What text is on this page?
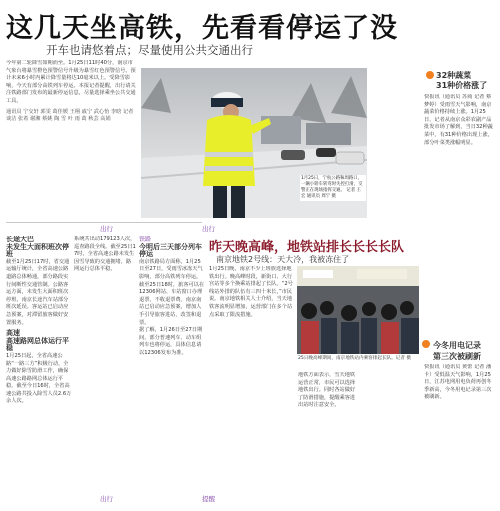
这几天坐高铁，先看看停运了没
开车也请悠着点；尽量使用公共交通出行
今年第二轮降雪如期而至。1月25日11时40分，南京市气象台将暴雪橙色预警信号升级为暴雪红色预警信号。预计未来6小时内累计降雪量将达10毫米以上。受降雪影响，今天有部分高铁列车停运。本报记者提醒，出行请关注铁路部门发布的最新停运信息，尽量选择乘坐公共交通工具。
通讯员 宁交轩 郭雯 葛佳媛 王栩 戚宁 武心怡 李晗 记者 谈洁 张希 谢湘 蔡姚 陶 雪 叶 雨 葛 秋芸 高娟
1月25日，宁杭公路秣周路口，一辆小轿车转弯时失控打滑，交警正在现场指挥交通。 记者 王宏 通讯员 周宁 摄
出行
长途大巴
未发生大面积班次停班
截至1月25日17时，省交通运输厅统计，全省高速公路道路总体畅通，部分路段实行间断性交通管制。公路客运方面，未发生大面积班次停班，南京长途汽车站部分班次延误。客运站已启动应急预案，对滞留旅客做好安置服务。
高速
高速路网总体运行平稳
1月25日起，全省高速公路“一路三方”积极行动，全力做好除雪防滑工作，确保高速公路路网总体运行平稳。截至今日16时，全省高速公路共投入除雪人员2.6万余人次。
系统共出动179123人次，巡查路段全线。截至25日17时，全省高速公路未发生因雪导致的交通拥堵，路网运行总体平稳。
铁路
今明后三天部分列车停运
南京铁路局方面称，1月25日至27日，受雨雪冰冻天气影响，部分高铁列车停运。截至25日18时，旅客可以在12306网站、车站窗口办理退票，不收退票费。南京南站已启动应急预案，增加人手引导旅客进站、改签和退票。
据了解，1月26日至27日期间，部分普速列车、动车组列车也将停运，具体信息请以12306发布为准。
出行
昨天晚高峰，地铁站排长长长长队
南京地铁2号线：天大冷，我被冻住了
1月25日晚，南京不少上班族选择地铁出行。晚高峰时段，新街口、大行宫站等多个换乘站排起了长队。“2号线站外排的队伍有三四十米长，”市民说。南京地铁相关人士介绍，当天地铁客流明显增加，运营部门在多个站点采取了限流措施。
25日晚高峰期间，南京地铁站内乘客排起长队。记者 摄
地铁方面表示，雪天地铁运营正常，市民可以选择地铁出行。同时各站做好了防滑措施，提醒乘客进出站时注意安全。
32种蔬菜
31种价格涨了
快报讯（通讯员 苏商 记者 蔡梦婷）受雨雪天气影响，南京蔬菜价格持续上涨。1月25日，记者从南京众彩农副产品批发市场了解到，当日32种蔬菜中，有31种价格出现上涨，部分叶菜类涨幅明显。
今冬用电记录
第三次被刷新
快报讯（通讯员 黄蕾 记者 潘卡）受低温天气影响，1月25日，江苏电网用电负荷再创冬季新高，今冬用电记录第三次被刷新。
出行	提醒
